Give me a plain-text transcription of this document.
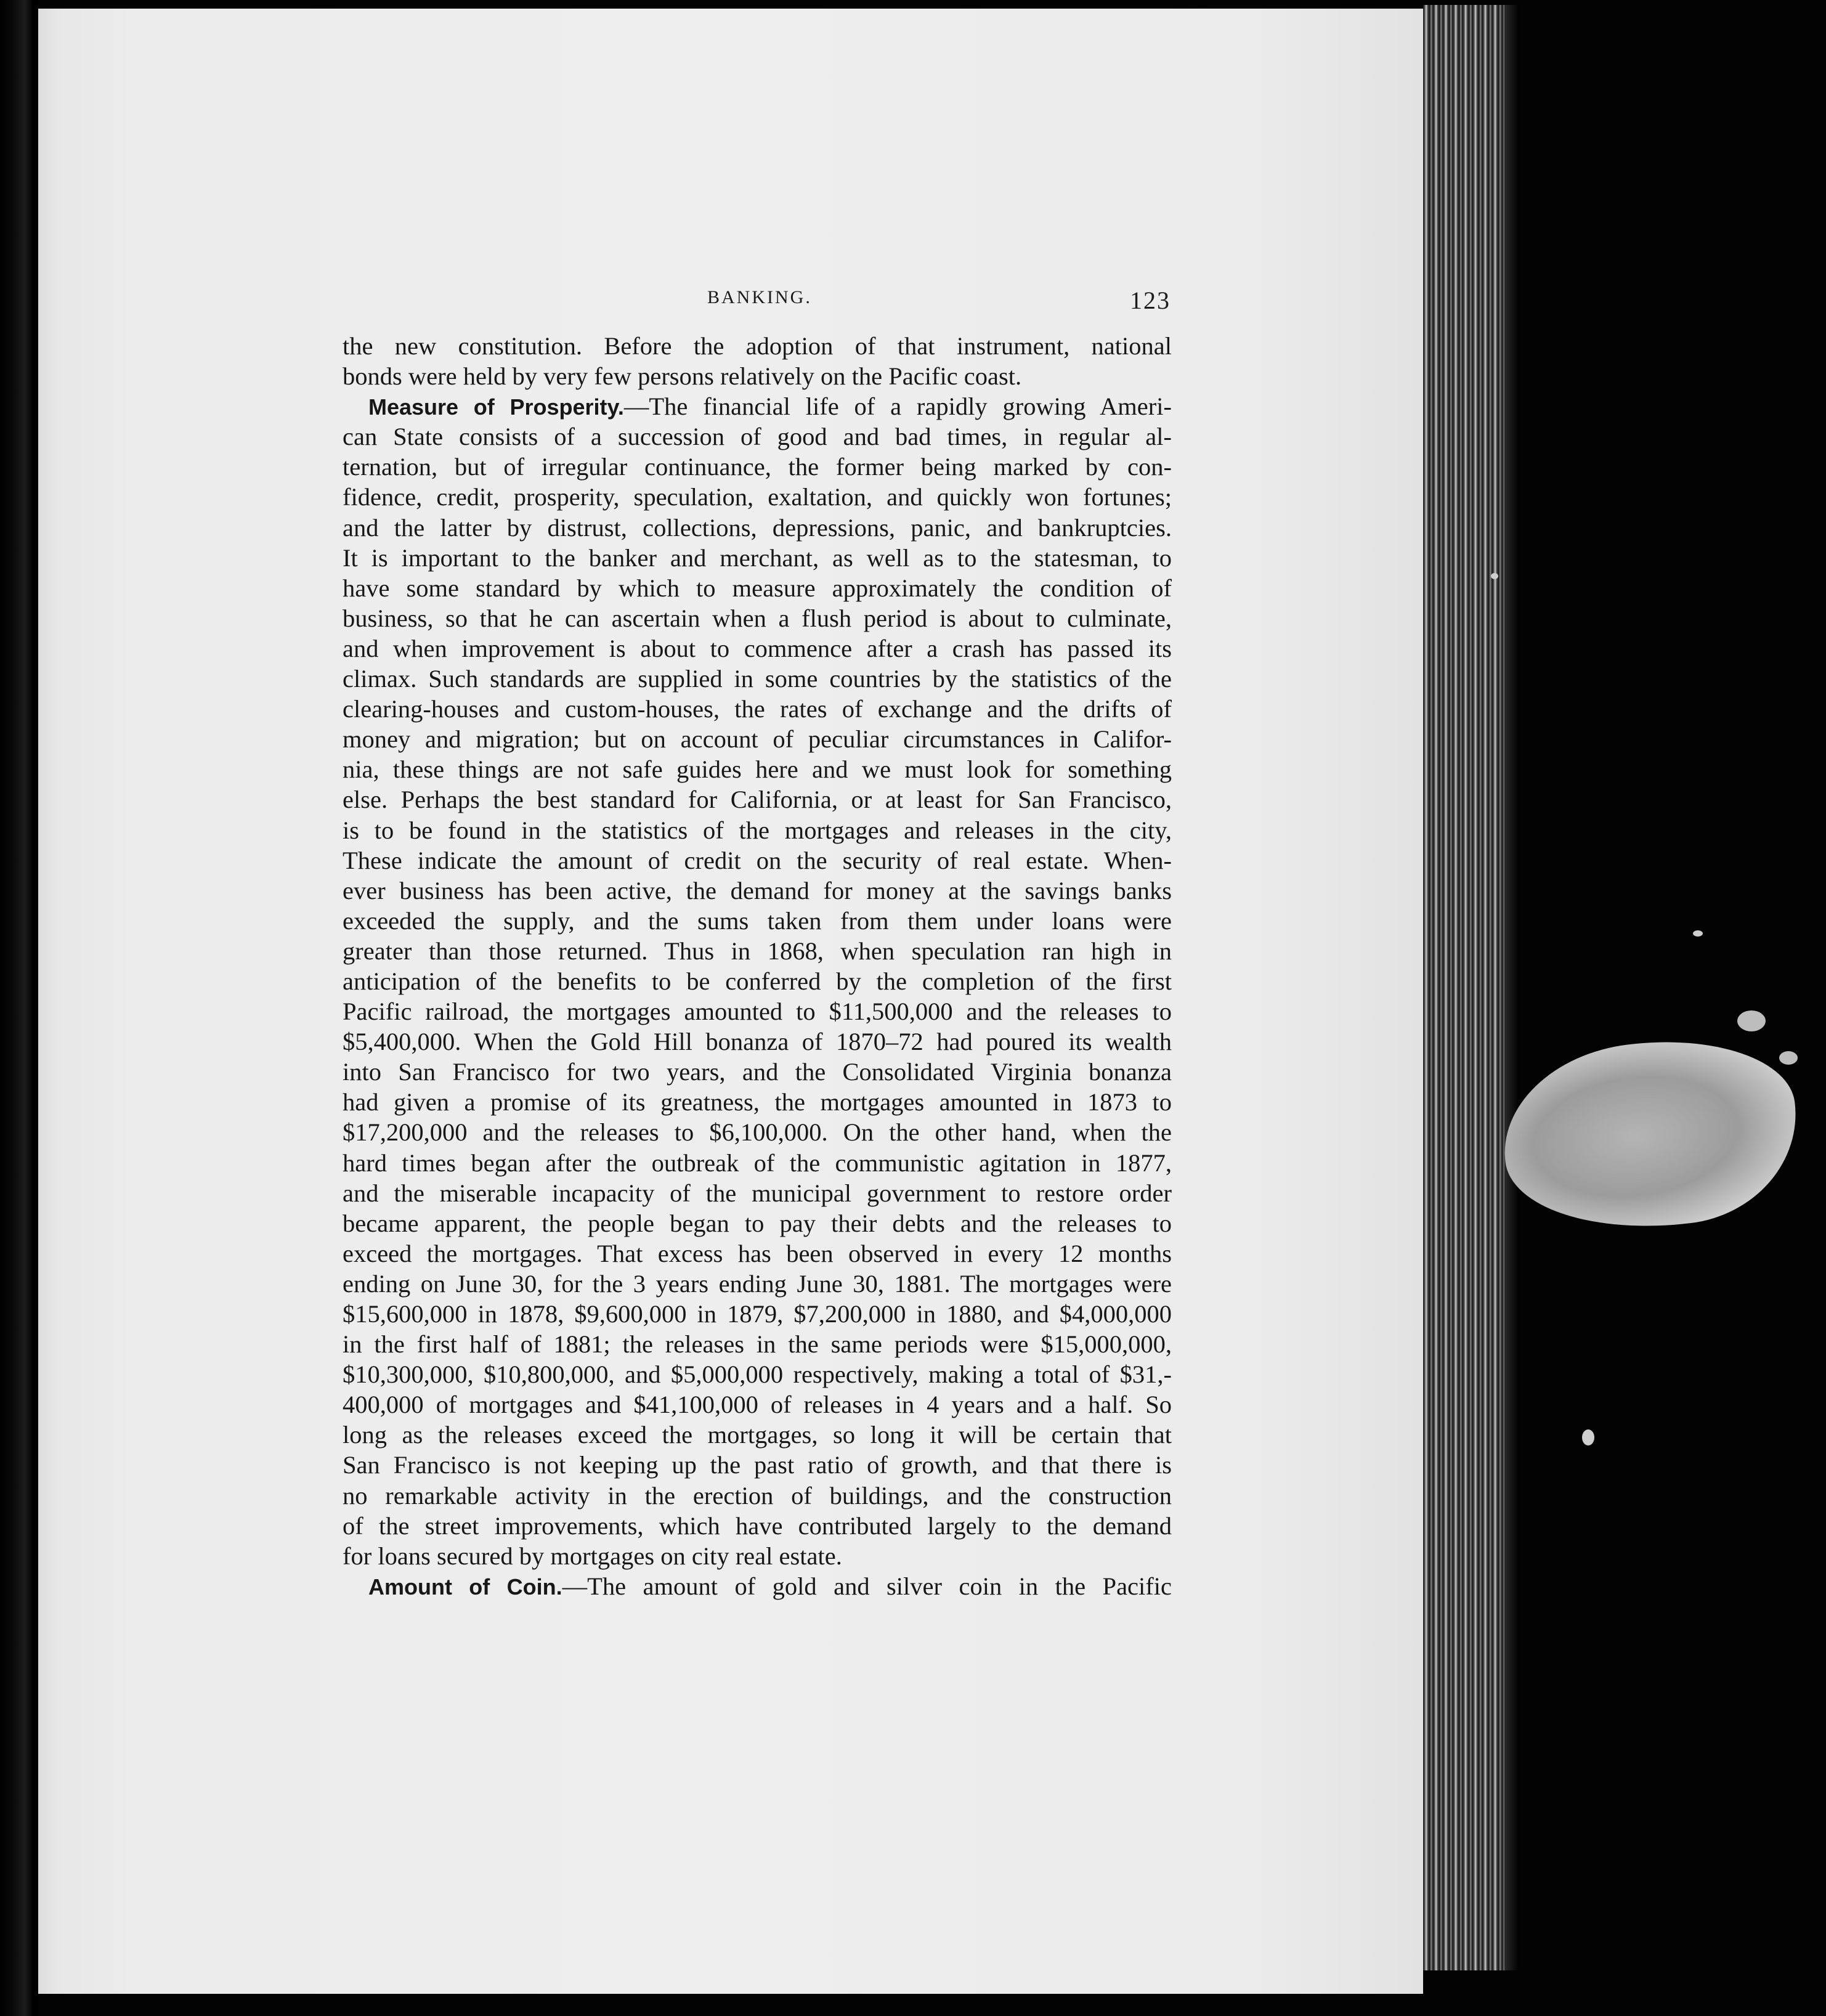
BANKING.	123
the new constitution. Before the adoption of that instrument, national
bonds were held by very few persons relatively on the Pacific coast.
Measure of Prosperity.—The financial life of a rapidly growing Ameri-
can State consists of a succession of good and bad times, in regular al-
ternation, but of irregular continuance, the former being marked by con-
fidence, credit, prosperity, speculation, exaltation, and quickly won fortunes;
and the latter by distrust, collections, depressions, panic, and bankruptcies.
It is important to the banker and merchant, as well as to the statesman, to
have some standard by which to measure approximately the condition of
business, so that he can ascertain when a flush period is about to culminate,
and when improvement is about to commence after a crash has passed its
climax. Such standards are supplied in some countries by the statistics of the
clearing-houses and custom-houses, the rates of exchange and the drifts of
money and migration; but on account of peculiar circumstances in Califor-
nia, these things are not safe guides here and we must look for something
else. Perhaps the best standard for California, or at least for San Francisco,
is to be found in the statistics of the mortgages and releases in the city,
These indicate the amount of credit on the security of real estate. When-
ever business has been active, the demand for money at the savings banks
exceeded the supply, and the sums taken from them under loans were
greater than those returned. Thus in 1868, when speculation ran high in
anticipation of the benefits to be conferred by the completion of the first
Pacific railroad, the mortgages amounted to $11,500,000 and the releases to
$5,400,000. When the Gold Hill bonanza of 1870–72 had poured its wealth
into San Francisco for two years, and the Consolidated Virginia bonanza
had given a promise of its greatness, the mortgages amounted in 1873 to
$17,200,000 and the releases to $6,100,000. On the other hand, when the
hard times began after the outbreak of the communistic agitation in 1877,
and the miserable incapacity of the municipal government to restore order
became apparent, the people began to pay their debts and the releases to
exceed the mortgages. That excess has been observed in every 12 months
ending on June 30, for the 3 years ending June 30, 1881. The mortgages were
$15,600,000 in 1878, $9,600,000 in 1879, $7,200,000 in 1880, and $4,000,000
in the first half of 1881; the releases in the same periods were $15,000,000,
$10,300,000, $10,800,000, and $5,000,000 respectively, making a total of $31,-
400,000 of mortgages and $41,100,000 of releases in 4 years and a half. So
long as the releases exceed the mortgages, so long it will be certain that
San Francisco is not keeping up the past ratio of growth, and that there is
no remarkable activity in the erection of buildings, and the construction
of the street improvements, which have contributed largely to the demand
for loans secured by mortgages on city real estate.
Amount of Coin.—The amount of gold and silver coin in the Pacific
